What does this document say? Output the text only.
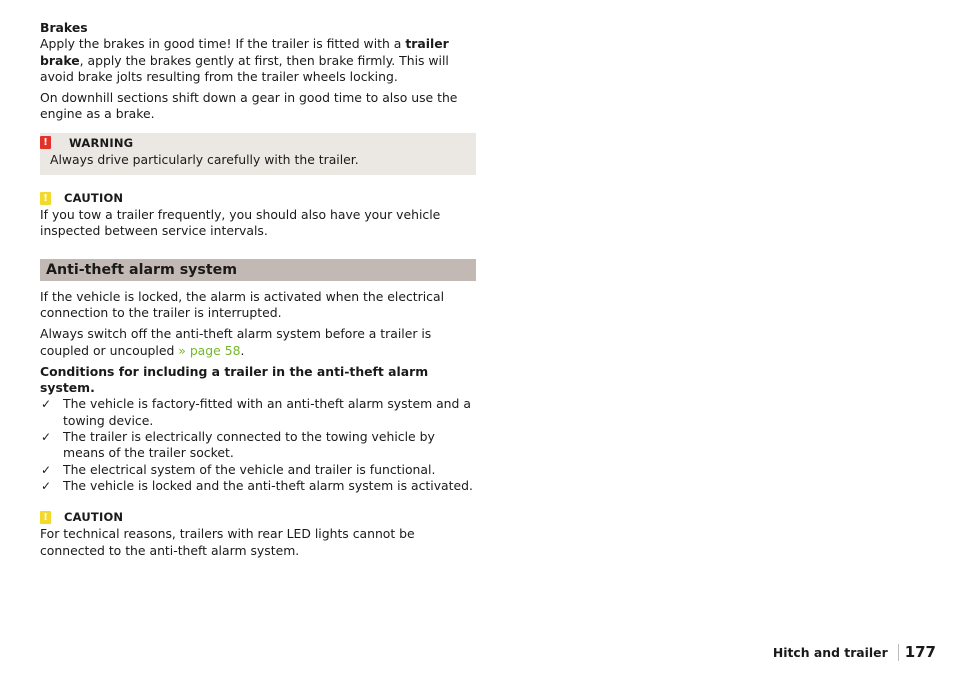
Brakes

Apply the brakes in good time! If the trailer is fitted with a trailer brake, apply the brakes gently at first, then brake firmly. This will avoid brake jolts resulting from the trailer wheels locking.

On downhill sections shift down a gear in good time to also use the engine as a brake.

! WARNING

Always drive particularly carefully with the trailer.

! CAUTION

If you tow a trailer frequently, you should also have your vehicle inspected between service intervals.

Anti-theft alarm system

If the vehicle is locked, the alarm is activated when the electrical connection to the trailer is interrupted.

Always switch off the anti-theft alarm system before a trailer is coupled or uncoupled » page 58.

Conditions for including a trailer in the anti-theft alarm system.

✓ The vehicle is factory-fitted with an anti-theft alarm system and a towing device.
✓ The trailer is electrically connected to the towing vehicle by means of the trailer socket.
✓ The electrical system of the vehicle and trailer is functional.
✓ The vehicle is locked and the anti-theft alarm system is activated.
! CAUTION

For technical reasons, trailers with rear LED lights cannot be connected to the anti-theft alarm system.

Hitch and trailer 177
